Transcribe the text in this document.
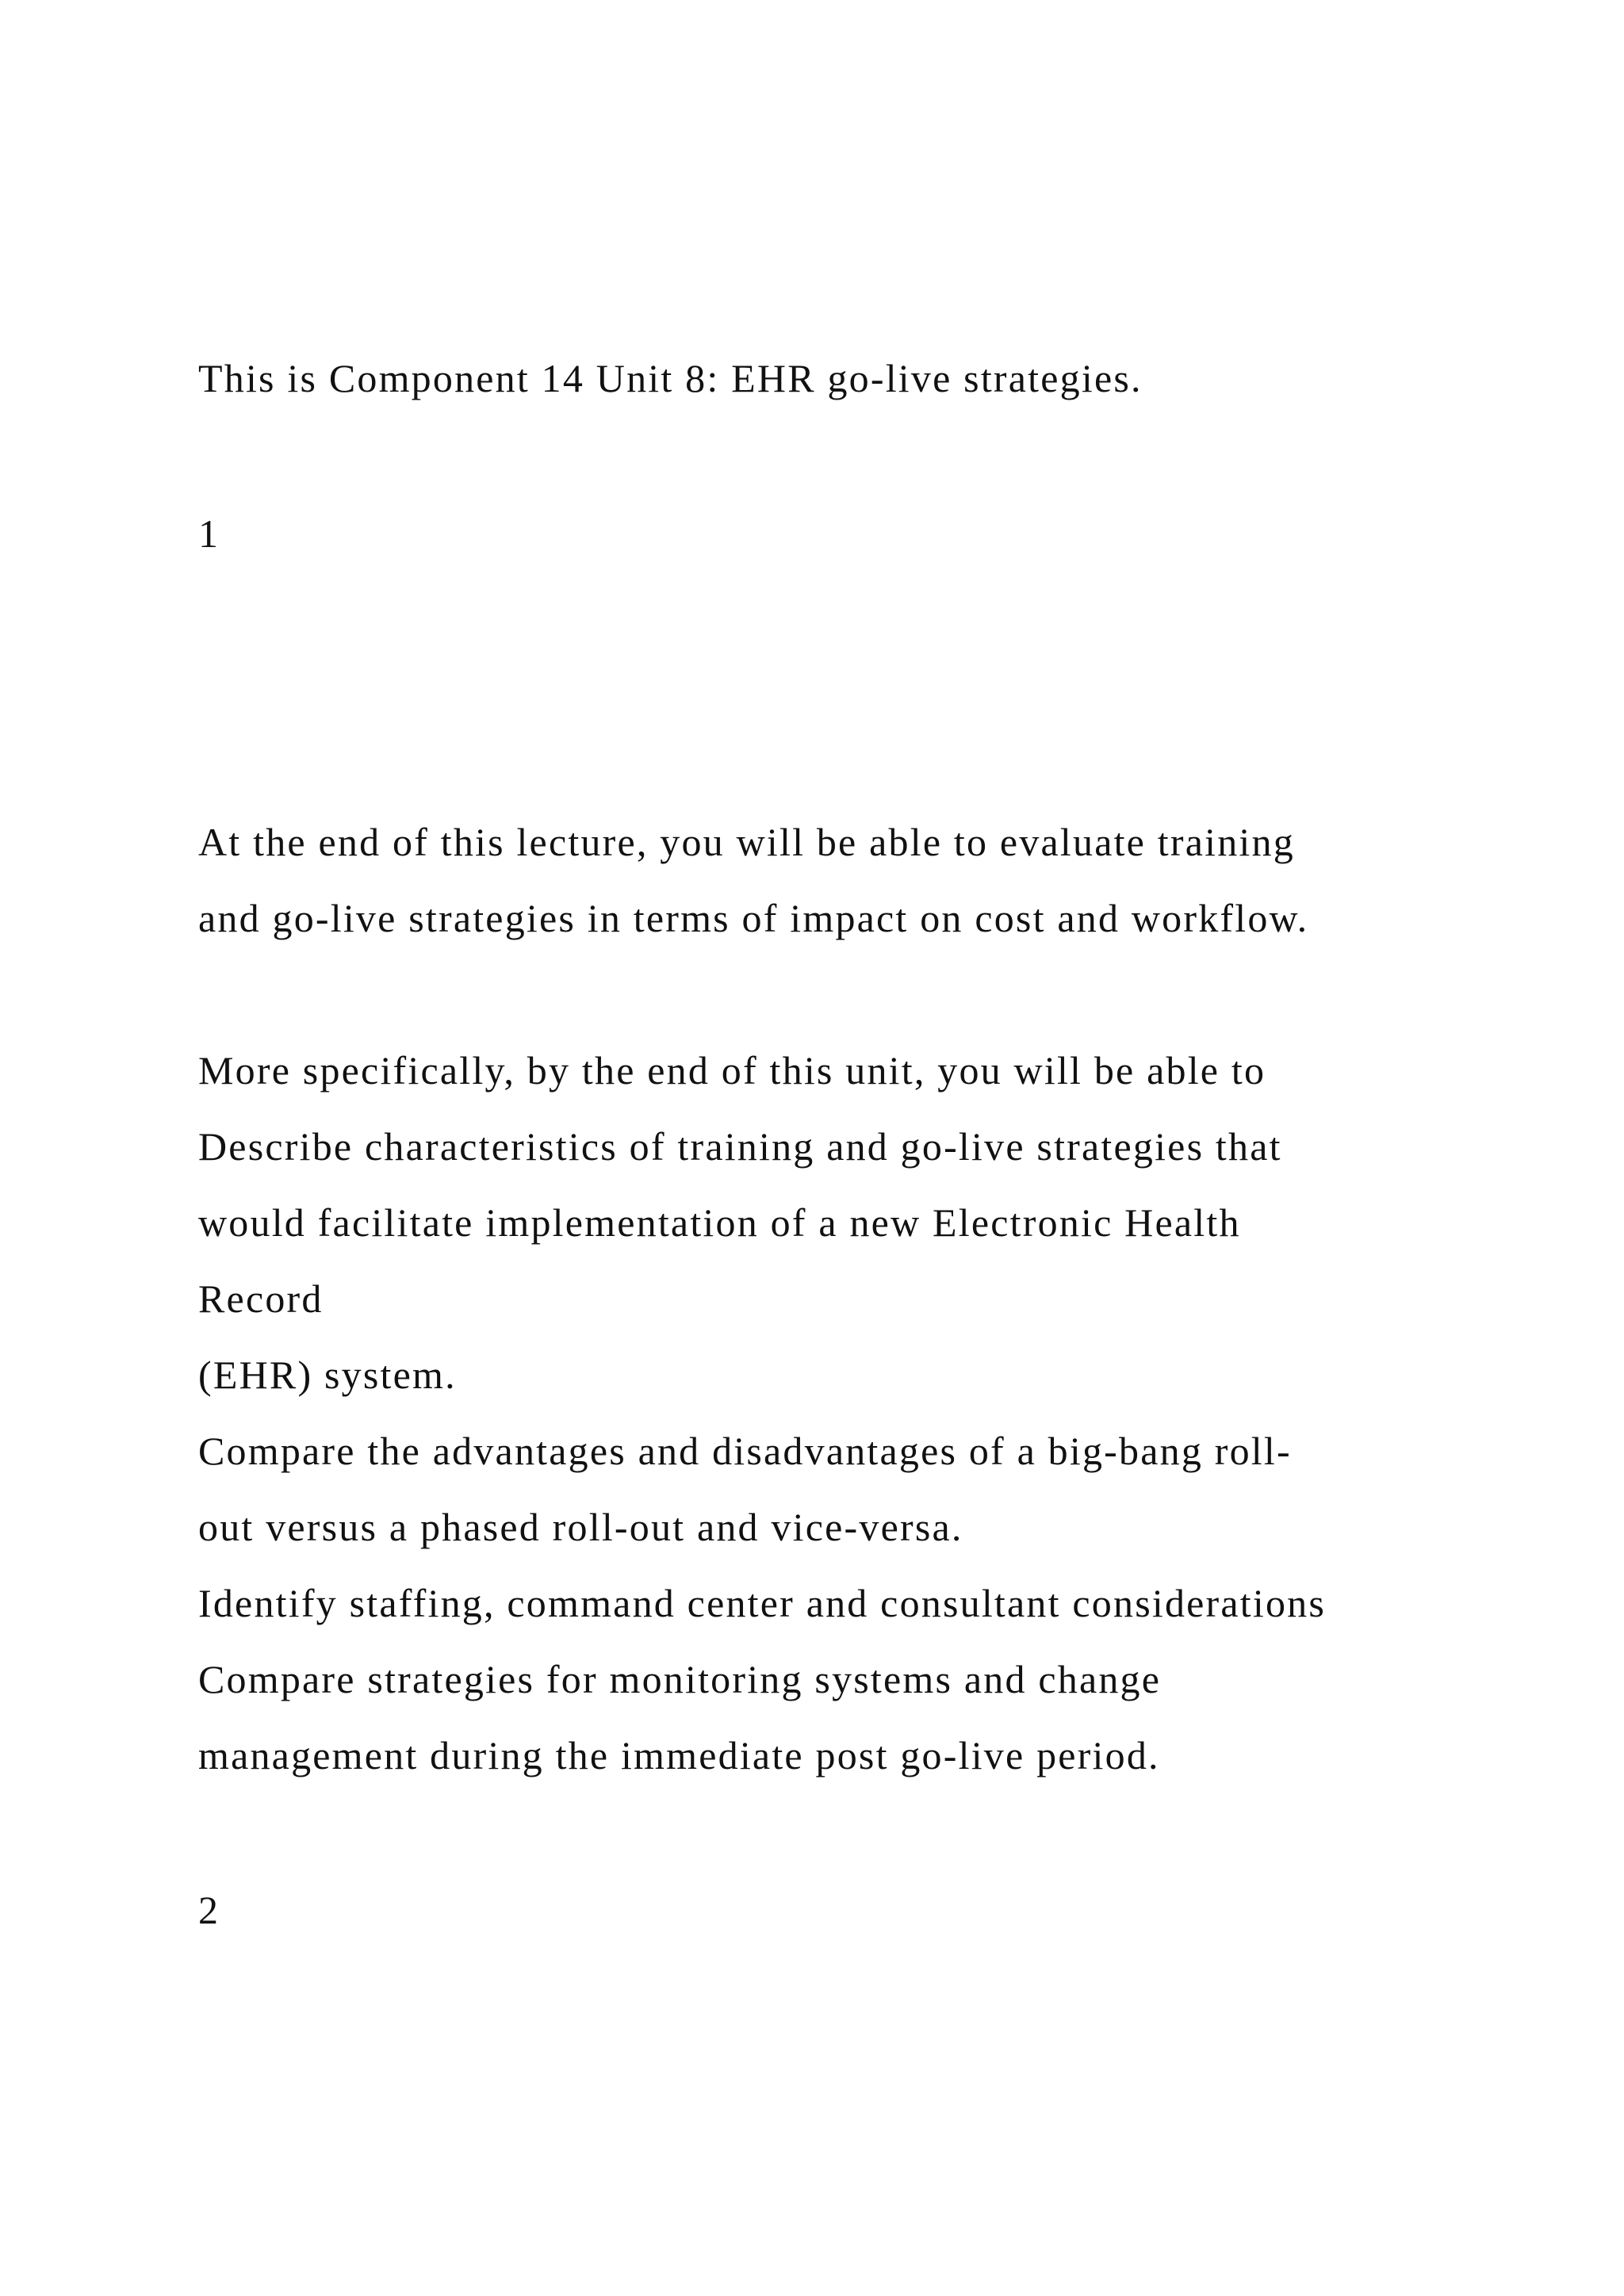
This is Component 14 Unit 8: EHR go-live strategies.
1
At the end of this lecture, you will be able to evaluate training
and go-live strategies in terms of impact on cost and workflow.
More specifically, by the end of this unit, you will be able to
Describe characteristics of training and go-live strategies that
would facilitate implementation of a new Electronic Health
Record
(EHR) system.
Compare the advantages and disadvantages of a big-bang roll-
out versus a phased roll-out and vice-versa.
Identify staffing, command center and consultant considerations
Compare strategies for monitoring systems and change
management during the immediate post go-live period.
2
